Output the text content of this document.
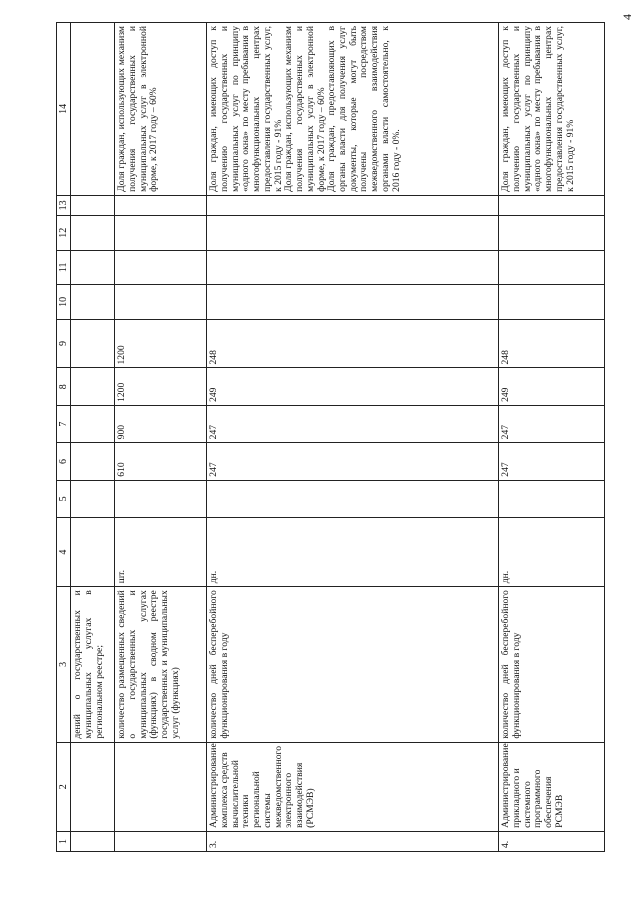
4
1	2	3	4	5	6	7	8	9	10	11	12	13	14
		дений о государственных и муниципальных услугах в региональном реестре;											
		количество размещенных сведений о государственных и муниципальных услугах (функциях) в сводном реестре государственных и муниципальных услуг (функциях)	шт.		610	900	1200	1200					Доля граждан, использующих механизм получения государственных и муниципальных услуг в электронной форме, к 2017 году – 60%
3.	Администрирование комплекса средств вычислительной техники региональной системы межведомственного электронного взаимодействия (РСМЭВ)	количество дней бесперебойного функционирования в году	дн.		247	247	249	248					Доля граждан, имеющих доступ к получению государственных и муниципальных услуг по принципу «одного окна» по месту пребывания в многофункциональных центрах предоставления государственных услуг, к 2015 году - 91%
Доля граждан, использующих механизм получения государственных и муниципальных услуг в электронной форме, к 2017 году – 60%
Доля граждан, предоставляющих в органы власти для получения услуг документы, которые могут быть получены посредством межведомственного взаимодействия органами власти самостоятельно, к 2016 году - 0%.
4.	Администрирование прикладного и системного программного обеспечения РСМЭВ	количество дней бесперебойного функционирования в году	дн.		247	247	249	248					Доля граждан, имеющих доступ к получению государственных и муниципальных услуг по принципу «одного окна» по месту пребывания в многофункциональных центрах предоставления государственных услуг, к 2015 году - 91%
